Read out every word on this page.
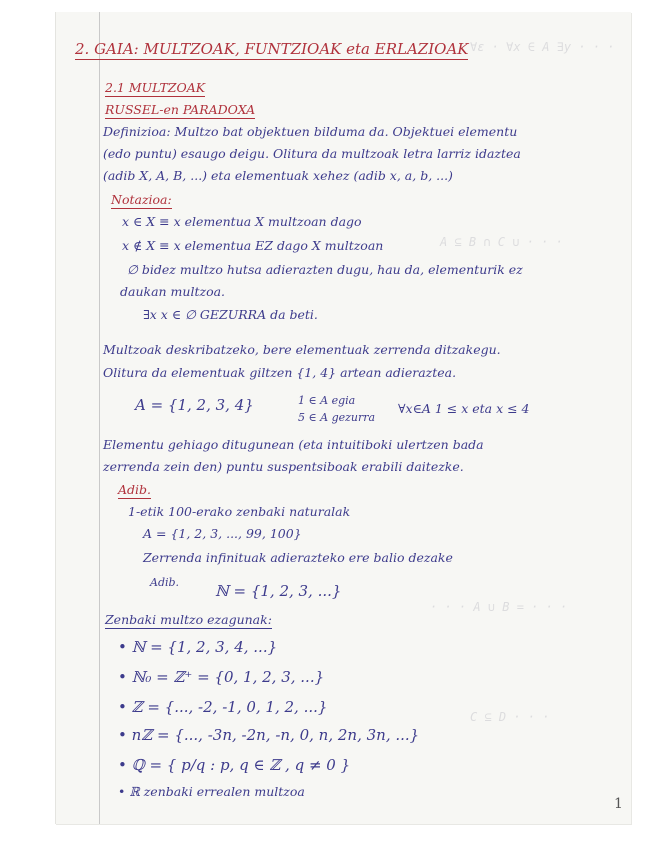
∀ε · ∀x ∈ A ∃y · · ·
A ⊆ B ∩ C ∪ · · ·
· · · A ∪ B = · · ·
C ⊆ D · · ·
2. GAIA: MULTZOAK, FUNTZIOAK eta ERLAZIOAK
2.1 MULTZOAK
RUSSEL-en PARADOXA
Definizioa: Multzo bat objektuen bilduma da. Objektuei elementu
(edo puntu) esaugo deigu. Olitura da multzoak letra larriz idaztea
(adib X, A, B, ...) eta elementuak xehez (adib x, a, b, ...)
Notazioa:
x ∈ X ≡ x elementua X multzoan dago
x ∉ X ≡ x elementua EZ dago X multzoan
∅ bidez multzo hutsa adierazten dugu, hau da, elementurik ez
daukan multzoa.
∃x x ∈ ∅ GEZURRA da beti.
Multzoak deskribatzeko, bere elementuak zerrenda ditzakegu.
Olitura da elementuak giltzen {1, 4} artean adieraztea.
A = {1, 2, 3, 4}	1 ∈ A egia
5 ∈ A gezurra
∀x∈A 1 ≤ x eta x ≤ 4
Elementu gehiago ditugunean (eta intuitiboki ulertzen bada
zerrenda zein den) puntu suspentsiboak erabili daitezke.
Adib.
1-etik 100-erako zenbaki naturalak
A = {1, 2, 3, ..., 99, 100}
Zerrenda infinituak adierazteko ere balio dezake
Adib. ℕ = {1, 2, 3, ...}
Zenbaki multzo ezagunak:
• ℕ = {1, 2, 3, 4, ...}
• ℕ₀ = ℤ⁺ = {0, 1, 2, 3, ...}
• ℤ = {..., -2, -1, 0, 1, 2, ...}
• nℤ = {..., -3n, -2n, -n, 0, n, 2n, 3n, ...}
• ℚ = { p/q : p, q ∈ ℤ , q ≠ 0 }
• ℝ zenbaki errealen multzoa
1
